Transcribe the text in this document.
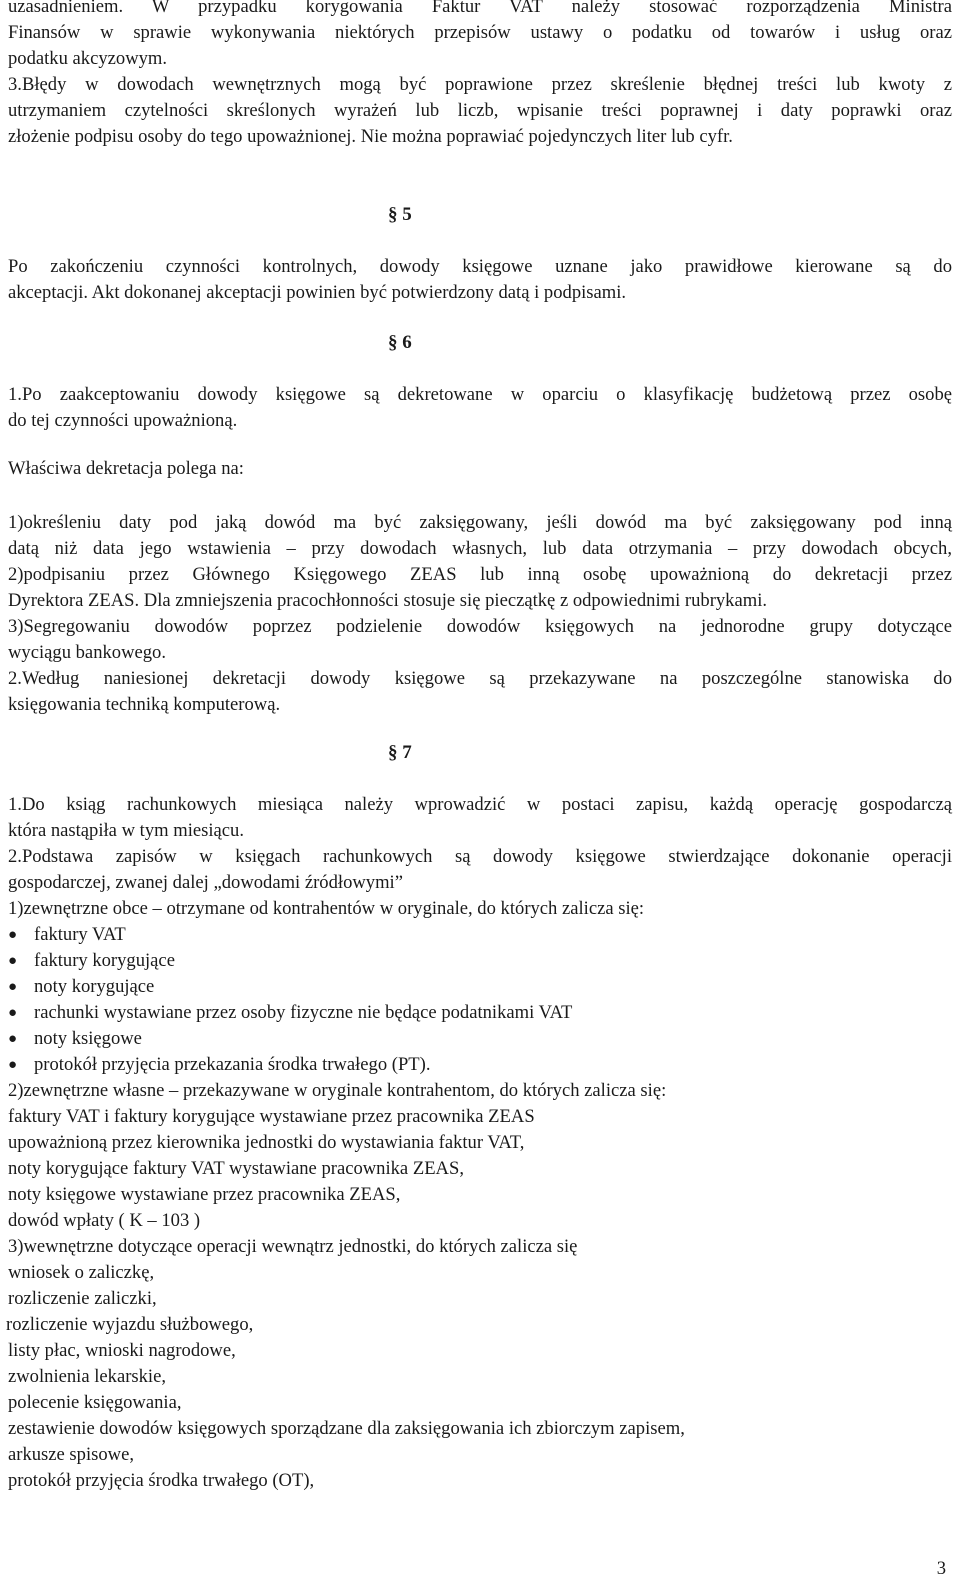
uzasadnieniem. W przypadku korygowania Faktur VAT należy stosować rozporządzenia Ministra
Finansów w sprawie wykonywania niektórych przepisów ustawy o podatku od towarów i usług oraz
podatku akcyzowym.
3.Błędy w dowodach wewnętrznych mogą być poprawione przez skreślenie błędnej treści lub kwoty z
utrzymaniem czytelności skreślonych wyrażeń lub liczb, wpisanie treści poprawnej i daty poprawki oraz
złożenie podpisu osoby do tego upoważnionej. Nie można poprawiać pojedynczych liter lub cyfr.
§ 5
Po zakończeniu czynności kontrolnych, dowody księgowe uznane jako prawidłowe kierowane są do
akceptacji. Akt dokonanej akceptacji powinien być potwierdzony datą i podpisami.
§ 6
1.Po zaakceptowaniu dowody księgowe są dekretowane w oparciu o klasyfikację budżetową przez osobę
do tej czynności upoważnioną.
Właściwa dekretacja polega na:
1)określeniu daty pod jaką dowód ma być zaksięgowany, jeśli dowód ma być zaksięgowany pod inną
datą niż data jego wstawienia – przy dowodach własnych, lub data otrzymania – przy dowodach obcych,
2)podpisaniu przez Głównego Księgowego ZEAS lub inną osobę upoważnioną do dekretacji przez
Dyrektora ZEAS. Dla zmniejszenia pracochłonności stosuje się pieczątkę z odpowiednimi rubrykami.
3)Segregowaniu dowodów poprzez podzielenie dowodów księgowych na jednorodne grupy dotyczące
wyciągu bankowego.
2.Według naniesionej dekretacji dowody księgowe są przekazywane na poszczególne stanowiska do
księgowania techniką komputerową.
§ 7
1.Do ksiąg rachunkowych miesiąca należy wprowadzić w postaci zapisu, każdą operację gospodarczą
która nastąpiła w tym miesiącu.
2.Podstawa zapisów w księgach rachunkowych są dowody księgowe stwierdzające dokonanie operacji
gospodarczej, zwanej dalej „dowodami źródłowymi”
1)zewnętrzne obce – otrzymane od kontrahentów w oryginale, do których zalicza się:
● faktury VAT
● faktury korygujące
● noty korygujące
● rachunki wystawiane przez osoby fizyczne nie będące podatnikami VAT
● noty księgowe
● protokół przyjęcia przekazania środka trwałego (PT).
2)zewnętrzne własne – przekazywane w oryginale kontrahentom, do których zalicza się:
faktury VAT i faktury korygujące wystawiane przez pracownika ZEAS
upoważnioną przez kierownika jednostki do wystawiania faktur VAT,
noty korygujące faktury VAT wystawiane pracownika ZEAS,
noty księgowe wystawiane przez pracownika ZEAS,
dowód wpłaty ( K – 103 )
3)wewnętrzne dotyczące operacji wewnątrz jednostki, do których zalicza się
wniosek o zaliczkę,
rozliczenie zaliczki,
rozliczenie wyjazdu służbowego,
listy płac, wnioski nagrodowe,
zwolnienia lekarskie,
polecenie księgowania,
zestawienie dowodów księgowych sporządzane dla zaksięgowania ich zbiorczym zapisem,
arkusze spisowe,
protokół przyjęcia środka trwałego (OT),
3
